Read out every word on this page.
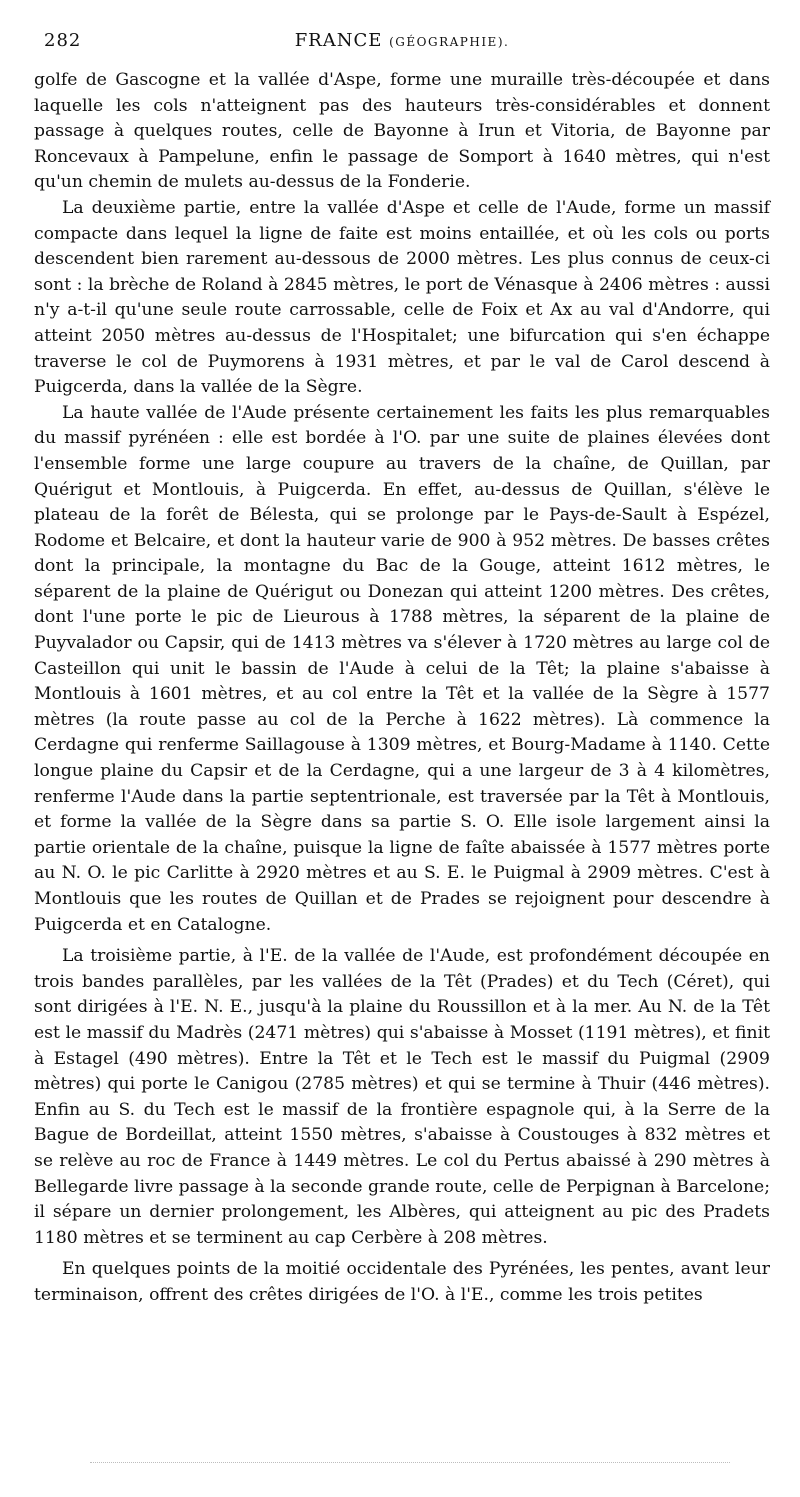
282	FRANCE (GÉOGRAPHIE).

golfe de Gascogne et la vallée d'Aspe, forme une muraille très-découpée et dans laquelle les cols n'atteignent pas des hauteurs très-considérables et donnent passage à quelques routes, celle de Bayonne à Irun et Vitoria, de Bayonne par Roncevaux à Pampelune, enfin le passage de Somport à 1640 mètres, qui n'est qu'un chemin de mulets au-dessus de la Fonderie.

La deuxième partie, entre la vallée d'Aspe et celle de l'Aude, forme un massif compacte dans lequel la ligne de faite est moins entaillée, et où les cols ou ports descendent bien rarement au-dessous de 2000 mètres. Les plus connus de ceux-ci sont : la brèche de Roland à 2845 mètres, le port de Vénasque à 2406 mètres : aussi n'y a-t-il qu'une seule route carrossable, celle de Foix et Ax au val d'Andorre, qui atteint 2050 mètres au-dessus de l'Hospitalet; une bifurcation qui s'en échappe traverse le col de Puymorens à 1931 mètres, et par le val de Carol descend à Puigcerda, dans la vallée de la Sègre.

La haute vallée de l'Aude présente certainement les faits les plus remarquables du massif pyrénéen : elle est bordée à l'O. par une suite de plaines élevées dont l'ensemble forme une large coupure au travers de la chaîne, de Quillan, par Quérigut et Montlouis, à Puigcerda. En effet, au-dessus de Quillan, s'élève le plateau de la forêt de Bélesta, qui se prolonge par le Pays-de-Sault à Espézel, Rodome et Belcaire, et dont la hauteur varie de 900 à 952 mètres. De basses crêtes dont la principale, la montagne du Bac de la Gouge, atteint 1612 mètres, le séparent de la plaine de Quérigut ou Donezan qui atteint 1200 mètres. Des crêtes, dont l'une porte le pic de Lieurous à 1788 mètres, la séparent de la plaine de Puyvalador ou Capsir, qui de 1413 mètres va s'élever à 1720 mètres au large col de Casteillon qui unit le bassin de l'Aude à celui de la Têt; la plaine s'abaisse à Montlouis à 1601 mètres, et au col entre la Têt et la vallée de la Sègre à 1577 mètres (la route passe au col de la Perche à 1622 mètres). Là commence la Cerdagne qui renferme Saillagouse à 1309 mètres, et Bourg-Madame à 1140. Cette longue plaine du Capsir et de la Cerdagne, qui a une largeur de 3 à 4 kilomètres, renferme l'Aude dans la partie septentrionale, est traversée par la Têt à Montlouis, et forme la vallée de la Sègre dans sa partie S. O. Elle isole largement ainsi la partie orientale de la chaîne, puisque la ligne de faîte abaissée à 1577 mètres porte au N. O. le pic Carlitte à 2920 mètres et au S. E. le Puigmal à 2909 mètres. C'est à Montlouis que les routes de Quillan et de Prades se rejoignent pour descendre à Puigcerda et en Catalogne.

La troisième partie, à l'E. de la vallée de l'Aude, est profondément découpée en trois bandes parallèles, par les vallées de la Têt (Prades) et du Tech (Céret), qui sont dirigées à l'E. N. E., jusqu'à la plaine du Roussillon et à la mer. Au N. de la Têt est le massif du Madrès (2471 mètres) qui s'abaisse à Mosset (1191 mètres), et finit à Estagel (490 mètres). Entre la Têt et le Tech est le massif du Puigmal (2909 mètres) qui porte le Canigou (2785 mètres) et qui se termine à Thuir (446 mètres). Enfin au S. du Tech est le massif de la frontière espagnole qui, à la Serre de la Bague de Bordeillat, atteint 1550 mètres, s'abaisse à Coustouges à 832 mètres et se relève au roc de France à 1449 mètres. Le col du Pertus abaissé à 290 mètres à Bellegarde livre passage à la seconde grande route, celle de Perpignan à Barcelone; il sépare un dernier prolongement, les Albères, qui atteignent au pic des Pradets 1180 mètres et se terminent au cap Cerbère à 208 mètres.

En quelques points de la moitié occidentale des Pyrénées, les pentes, avant leur terminaison, offrent des crêtes dirigées de l'O. à l'E., comme les trois petites
